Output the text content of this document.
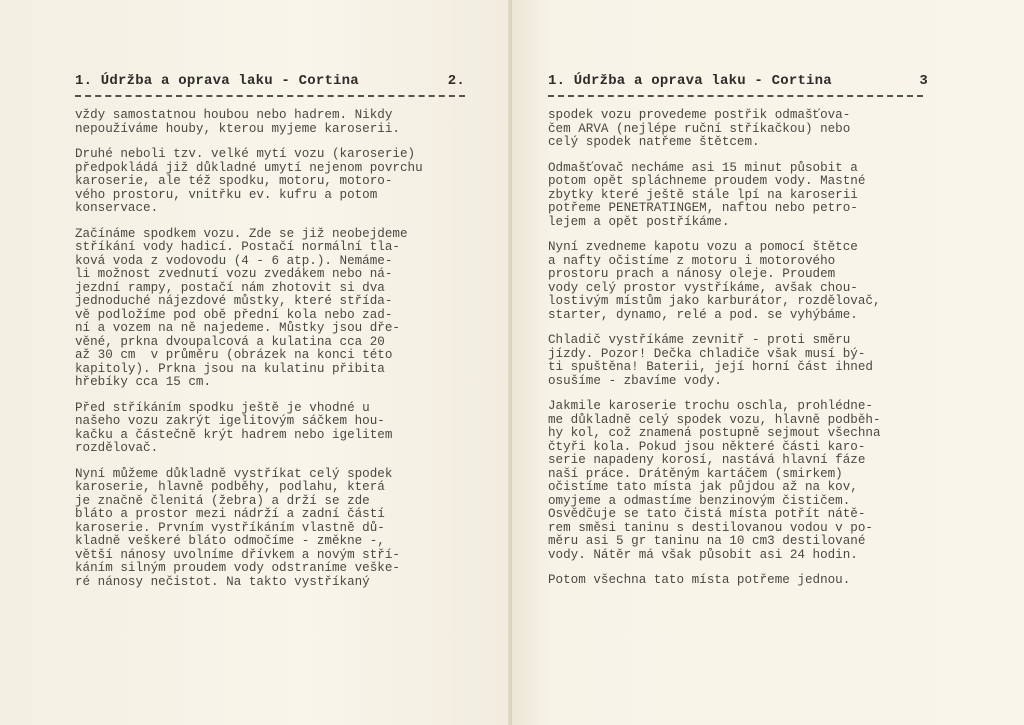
1. Údržba a oprava laku - Cortina	2.
vždy samostatnou houbou nebo hadrem. Nikdy
nepoužíváme houby, kterou myjeme karoserii.
Druhé neboli tzv. velké mytí vozu (karoserie)
předpokládá již důkladné umytí nejenom povrchu
karoserie, ale též spodku, motoru, motoro-
vého prostoru, vnitřku ev. kufru a potom
konservace.
Začínáme spodkem vozu. Zde se již neobejdeme
stříkání vody hadicí. Postačí normální tla-
ková voda z vodovodu (4 - 6 atp.). Nemáme-
li možnost zvednutí vozu zvedákem nebo ná-
jezdní rampy, postačí nám zhotovit si dva
jednoduché nájezdové můstky, které střída-
vě podložíme pod obě přední kola nebo zad-
ní a vozem na ně najedeme. Můstky jsou dře-
věné, prkna dvoupalcová a kulatina cca 20
až 30 cm  v průměru (obrázek na konci této
kapitoly). Prkna jsou na kulatinu přibita
hřebíky cca 15 cm.
Před stříkáním spodku ještě je vhodné u
našeho vozu zakrýt igelitovým sáčkem hou-
kačku a částečně krýt hadrem nebo igelitem
rozdělovač.
Nyní můžeme důkladně vystříkat celý spodek
karoserie, hlavně podběhy, podlahu, která
je značně členitá (žebra) a drží se zde
bláto a prostor mezi nádrží a zadní částí
karoserie. Prvním vystříkáním vlastně dů-
kladně veškeré bláto odmočíme - změkne -,
větší nánosy uvolníme dřívkem a novým stří-
káním silným proudem vody odstraníme veške-
ré nánosy nečistot. Na takto vystříkaný
1. Údržba a oprava laku - Cortina	3
spodek vozu provedeme postřik odmašťova-
čem ARVA (nejlépe ruční stříkačkou) nebo
celý spodek natřeme štětcem.
Odmašťovač necháme asi 15 minut působit a
potom opět spláchneme proudem vody. Mastné
zbytky které ještě stále lpí na karoserii
potřeme PENETRATINGEM, naftou nebo petro-
lejem a opět postříkáme.
Nyní zvedneme kapotu vozu a pomocí štětce
a nafty očistíme z motoru i motorového
prostoru prach a nánosy oleje. Proudem
vody celý prostor vystříkáme, avšak chou-
lostivým místům jako karburátor, rozdělovač,
starter, dynamo, relé a pod. se vyhýbáme.
Chladič vystříkáme zevnitř - proti směru
jízdy. Pozor! Dečka chladiče však musí bý-
ti spuštěna! Baterii, její horní část ihned
osušíme - zbavíme vody.
Jakmile karoserie trochu oschla, prohlédne-
me důkladně celý spodek vozu, hlavně podběh-
hy kol, což znamená postupně sejmout všechna
čtyři kola. Pokud jsou některé části karo-
serie napadeny korosí, nastává hlavní fáze
naší práce. Drátěným kartáčem (smirkem)
očistíme tato místa jak půjdou až na kov,
omyjeme a odmastíme benzinovým čističem.
Osvědčuje se tato čistá místa potřít nátě-
rem směsi taninu s destilovanou vodou v po-
měru asi 5 gr taninu na 10 cm3 destilované
vody. Nátěr má však působit asi 24 hodin.
Potom všechna tato místa potřeme jednou.
